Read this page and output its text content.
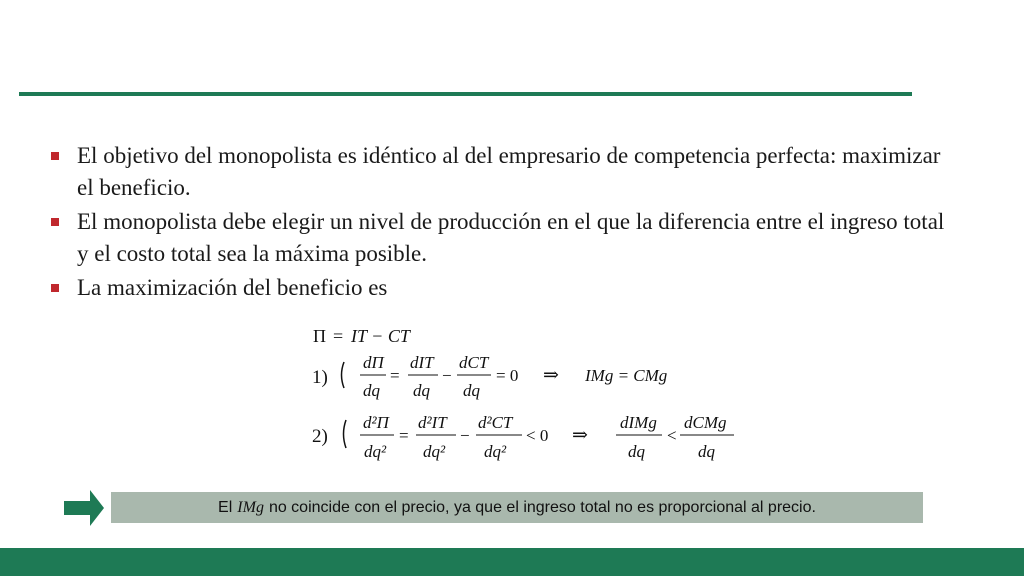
El objetivo del monopolista es idéntico al del empresario de competencia perfecta: maximizar el beneficio.
El monopolista debe elegir un nivel de producción en el que la diferencia entre el ingreso total y el costo total sea la máxima posible.
La maximización del beneficio es
Π = IT − CT
1)
dΠ
dq
=
dIT
dq
−
dCT
dq
= 0 ⇒ IMg = CMg
2)
d²Π
dq²
=
d²IT
dq²
−
d²CT
dq²
< 0 ⇒
dIMg
dq
<
dCMg
dq
El IMg no coincide con el precio, ya que el ingreso total no es proporcional al precio.
